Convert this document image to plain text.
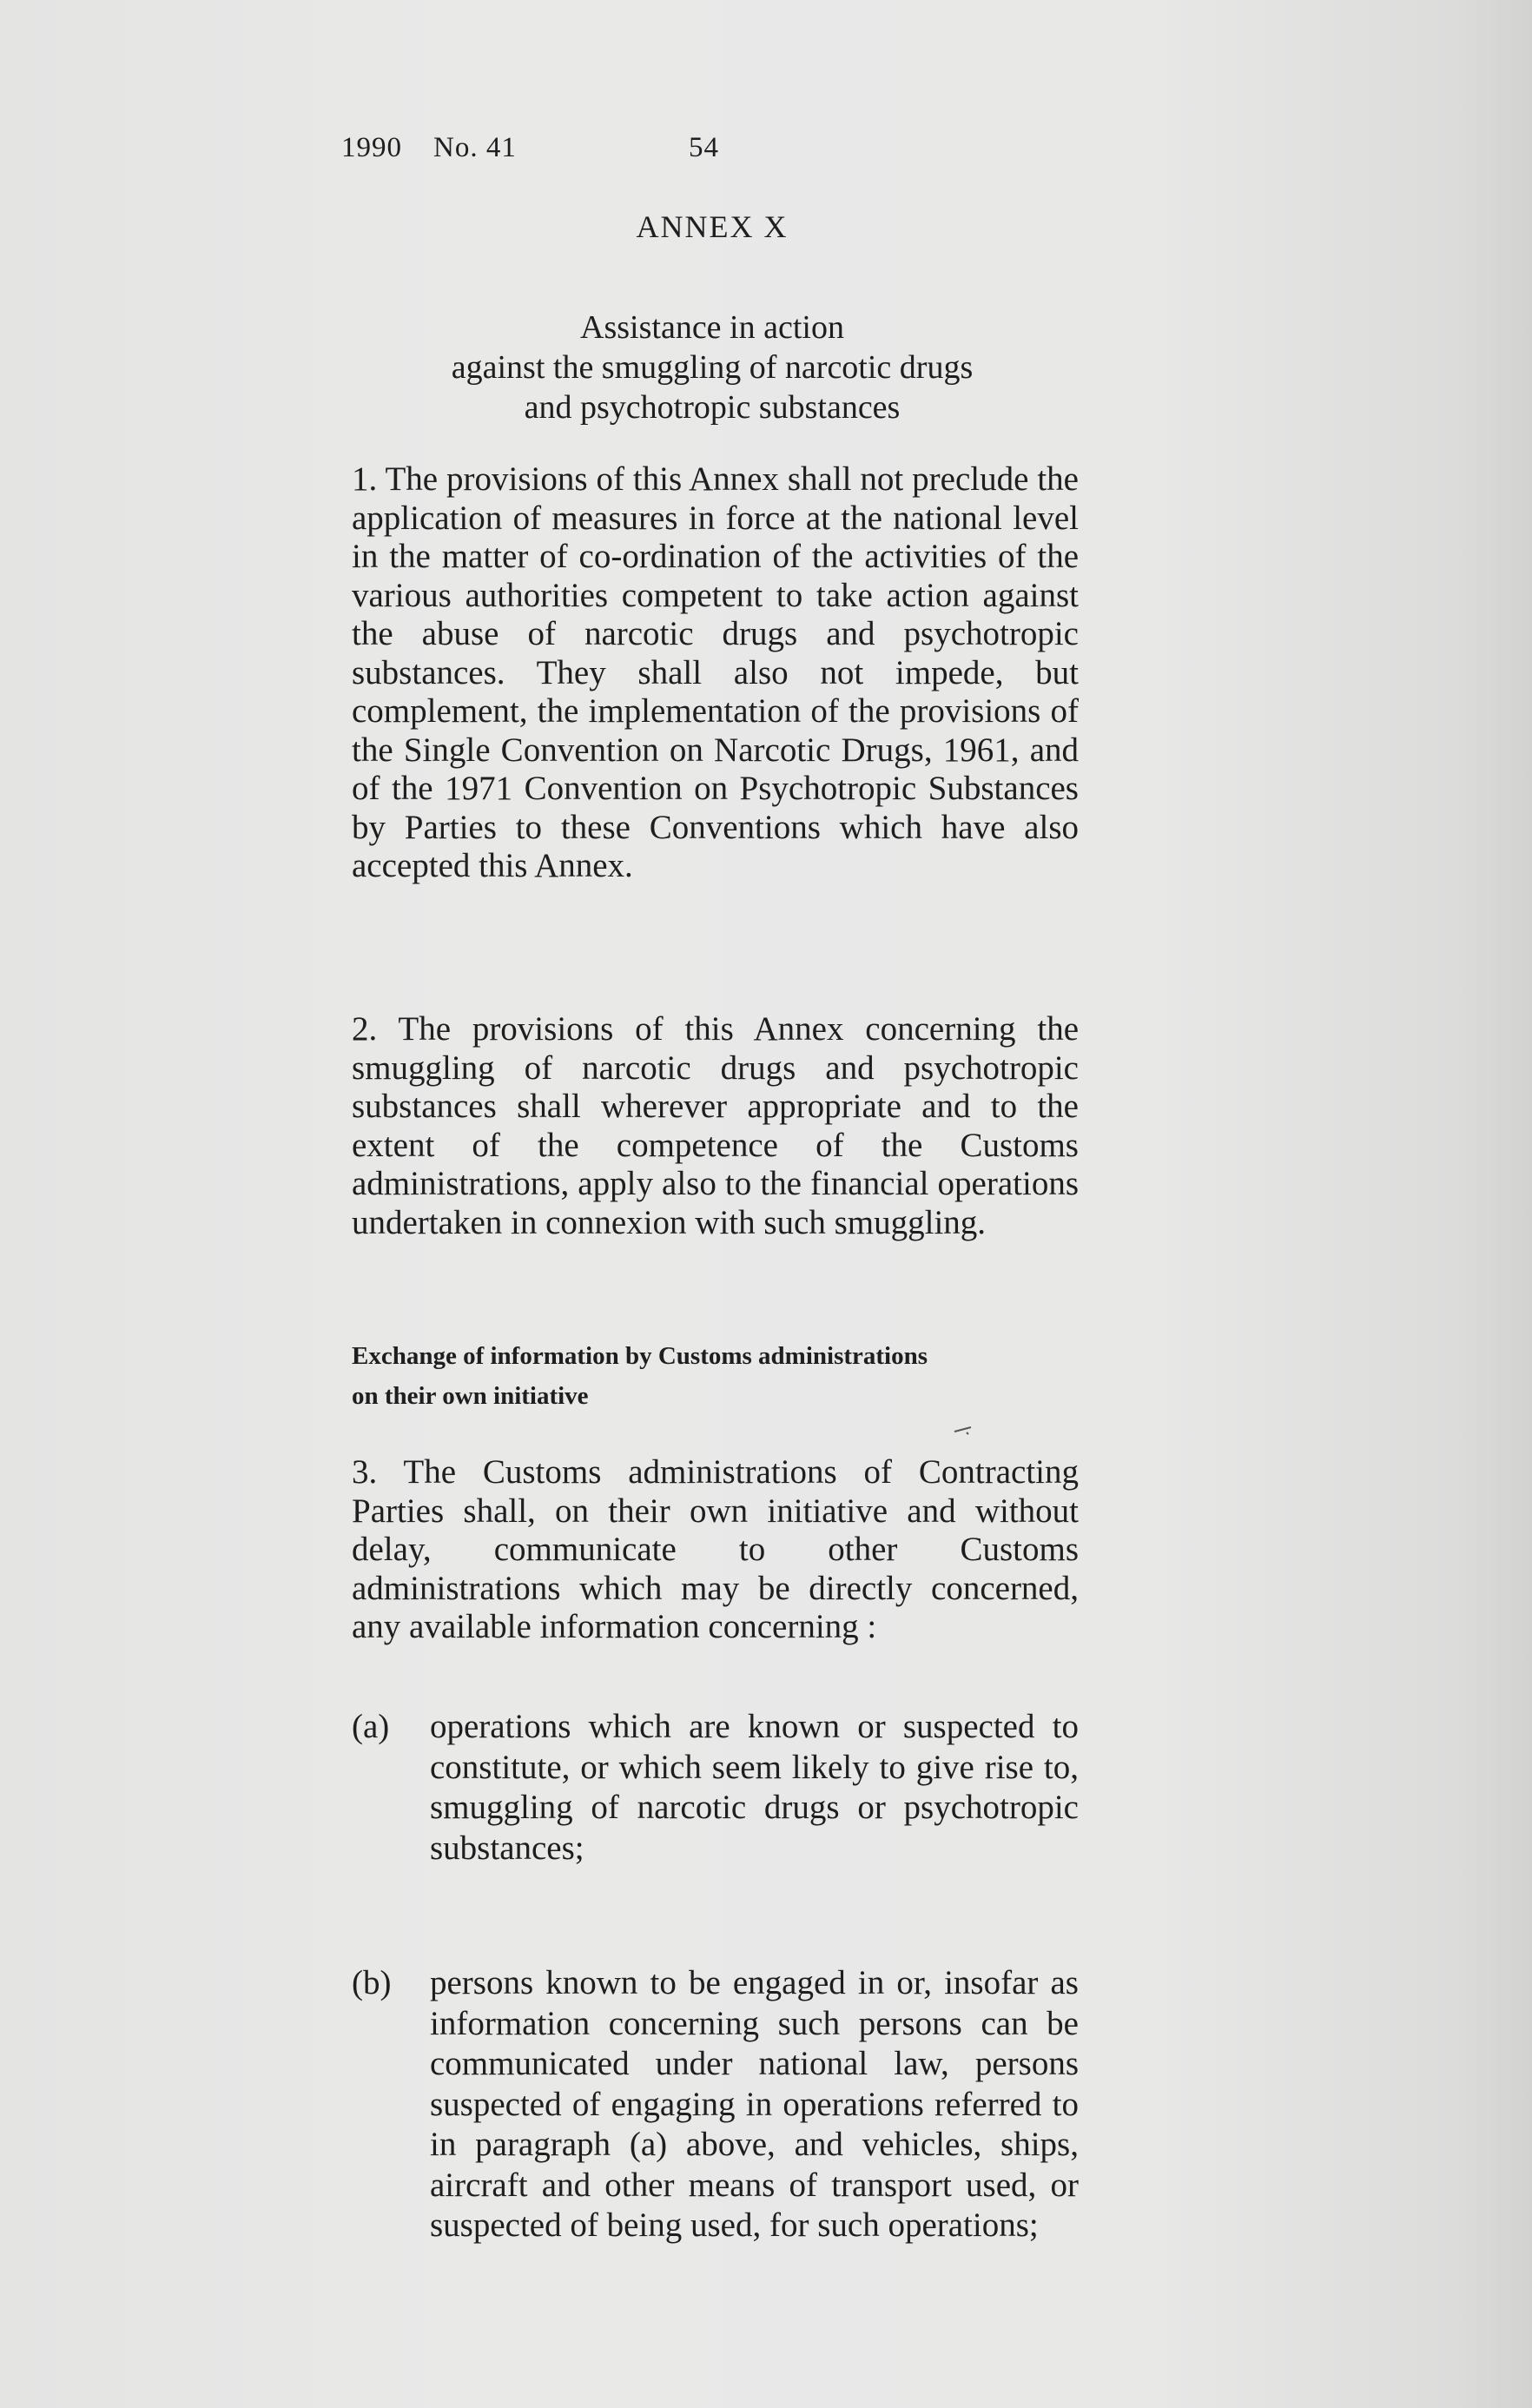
1990 No. 41	54
ANNEX X
Assistance in action
against the smuggling of narcotic drugs
and psychotropic substances
1. The provisions of this Annex shall not preclude the application of measures in force at the national level in the matter of co-ordination of the activities of the various authorities competent to take action against the abuse of narcotic drugs and psychotropic substances. They shall also not impede, but complement, the implementation of the provisions of the Single Convention on Narcotic Drugs, 1961, and of the 1971 Convention on Psychotropic Substances by Parties to these Conventions which have also accepted this Annex.
2. The provisions of this Annex concerning the smuggling of narcotic drugs and psychotropic substances shall wherever appropriate and to the extent of the competence of the Customs administrations, apply also to the financial operations undertaken in connexion with such smuggling.
Exchange of information by Customs administrations
on their own initiative
3. The Customs administrations of Contracting Parties shall, on their own initiative and without delay, communicate to other Customs administrations which may be directly concerned, any available information concerning :
(a) operations which are known or suspected to constitute, or which seem likely to give rise to, smuggling of narcotic drugs or psychotropic substances;
(b) persons known to be engaged in or, insofar as information concerning such persons can be communicated under national law, persons suspected of engaging in operations referred to in paragraph (a) above, and vehicles, ships, aircraft and other means of transport used, or suspected of being used, for such operations;
